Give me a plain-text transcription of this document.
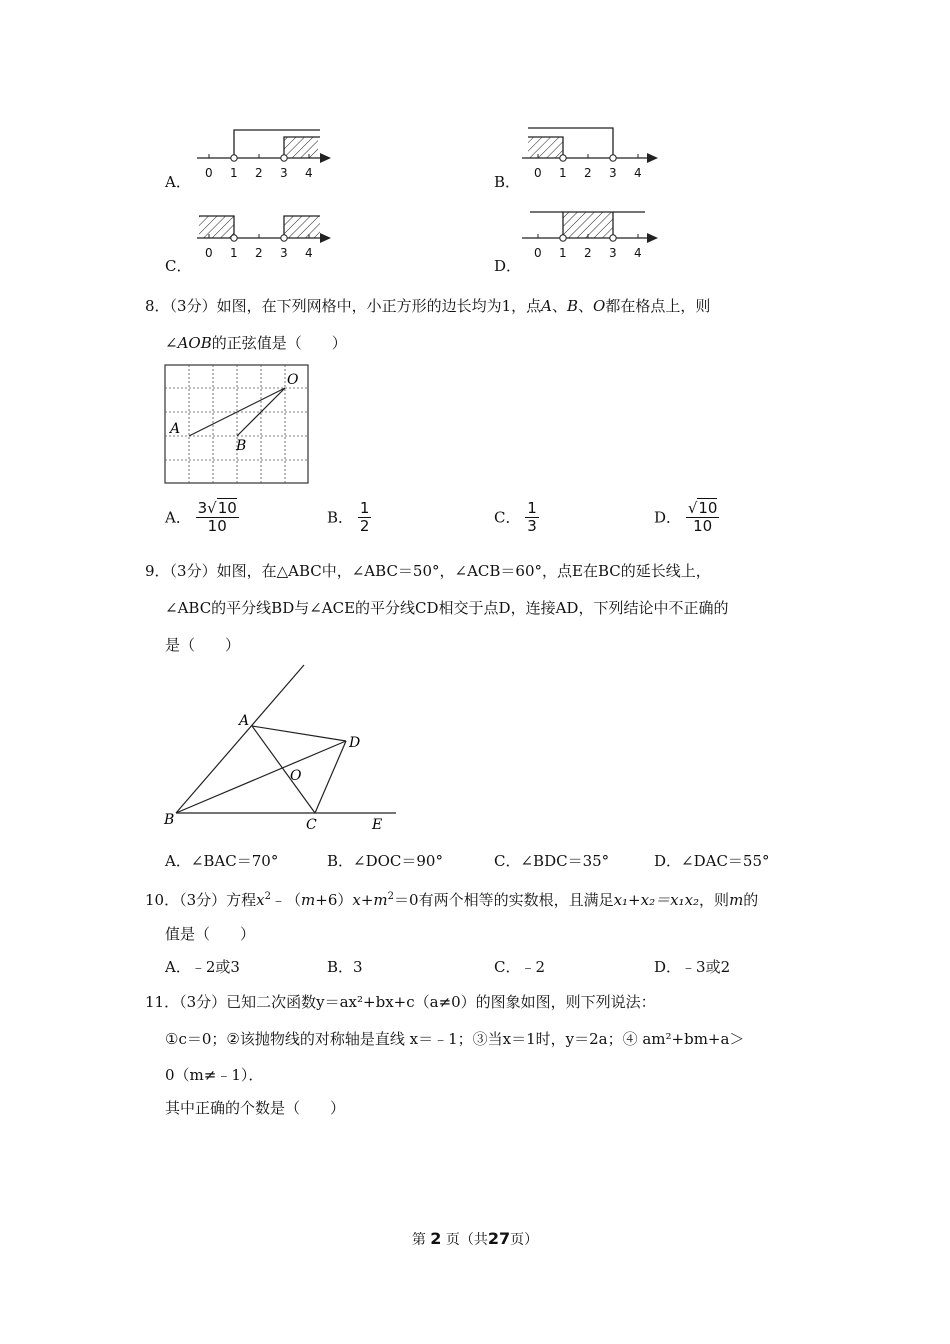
A．	B．
C．	D．
0 1 2 3 4	0 1 2 3 4
0 1 2 3 4	0 1 2 3 4
8．（3分）如图，在下列网格中，小正方形的边长均为1，点A、B、O都在格点上，则
∠AOB的正弦值是（　　）
O
A
B
A． $\frac{3√10}{10}$	B． $\frac{1}{2}$	C． $\frac{1}{3}$	D． $\frac{√10}{10}$
9．（3分）如图，在△ABC中，∠ABC＝50°，∠ACB＝60°，点E在BC的延长线上，
∠ABC的平分线BD与∠ACE的平分线CD相交于点D，连接AD，下列结论中不正确的
是（　　）
A
D
O
B	C	E
A．∠BAC＝70°	B．∠DOC＝90°	C．∠BDC＝35°	D．∠DAC＝55°
10．（3分）方程$x^2﹣(m+6)x+m^2=0$有两个相等的实数根，且满足x₁+x₂＝x₁x₂，则m的
值是（　　）
A．﹣2或3	B．3	C．﹣2	D．﹣3或2
11．（3分）已知二次函数y＝ax²+bx+c（a≠0）的图象如图，则下列说法：
①c＝0；②该抛物线的对称轴是直线 x＝﹣1；③当x＝1时，y＝2a；④ am²+bm+a＞
0（m≠﹣1）．
其中正确的个数是（　　）
第 2 页（共27页）
